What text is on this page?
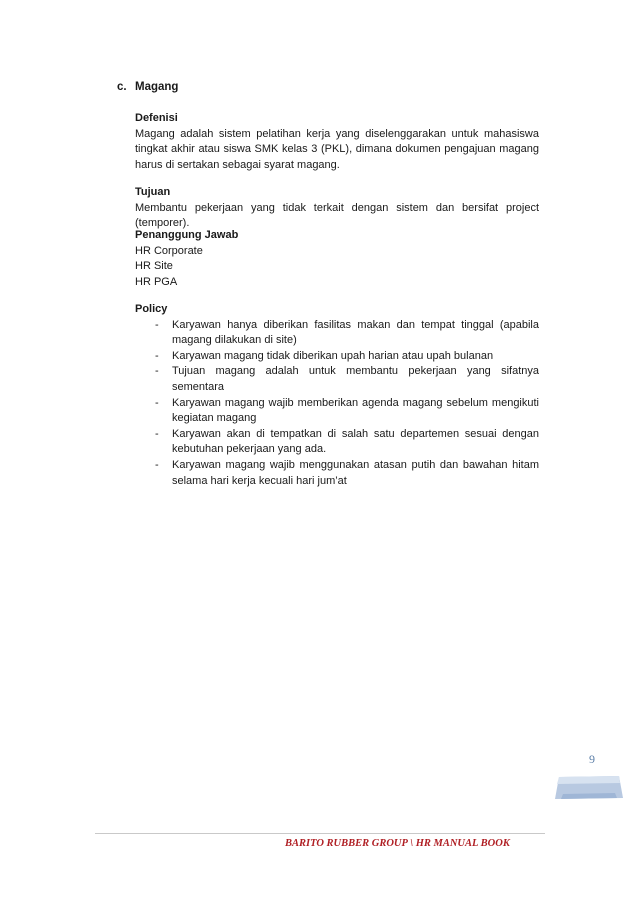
c. Magang
Defenisi

Magang adalah sistem pelatihan kerja yang diselenggarakan untuk mahasiswa tingkat akhir atau siswa SMK kelas 3 (PKL), dimana dokumen pengajuan magang harus di sertakan sebagai syarat magang.

Tujuan

Membantu pekerjaan yang tidak terkait dengan sistem dan bersifat project (temporer).

Penanggung Jawab
HR Corporate
HR Site
HR PGA
Policy
- Karyawan hanya diberikan fasilitas makan dan tempat tinggal (apabila magang dilakukan di site)
- Karyawan magang tidak diberikan upah harian atau upah bulanan
- Tujuan magang adalah untuk membantu pekerjaan yang sifatnya sementara
- Karyawan magang wajib memberikan agenda magang sebelum mengikuti kegiatan magang
- Karyawan akan di tempatkan di salah satu departemen sesuai dengan kebutuhan pekerjaan yang ada.
- Karyawan magang wajib menggunakan atasan putih dan bawahan hitam selama hari kerja kecuali hari jum’at
9
BARITO RUBBER GROUP \ HR MANUAL BOOK
